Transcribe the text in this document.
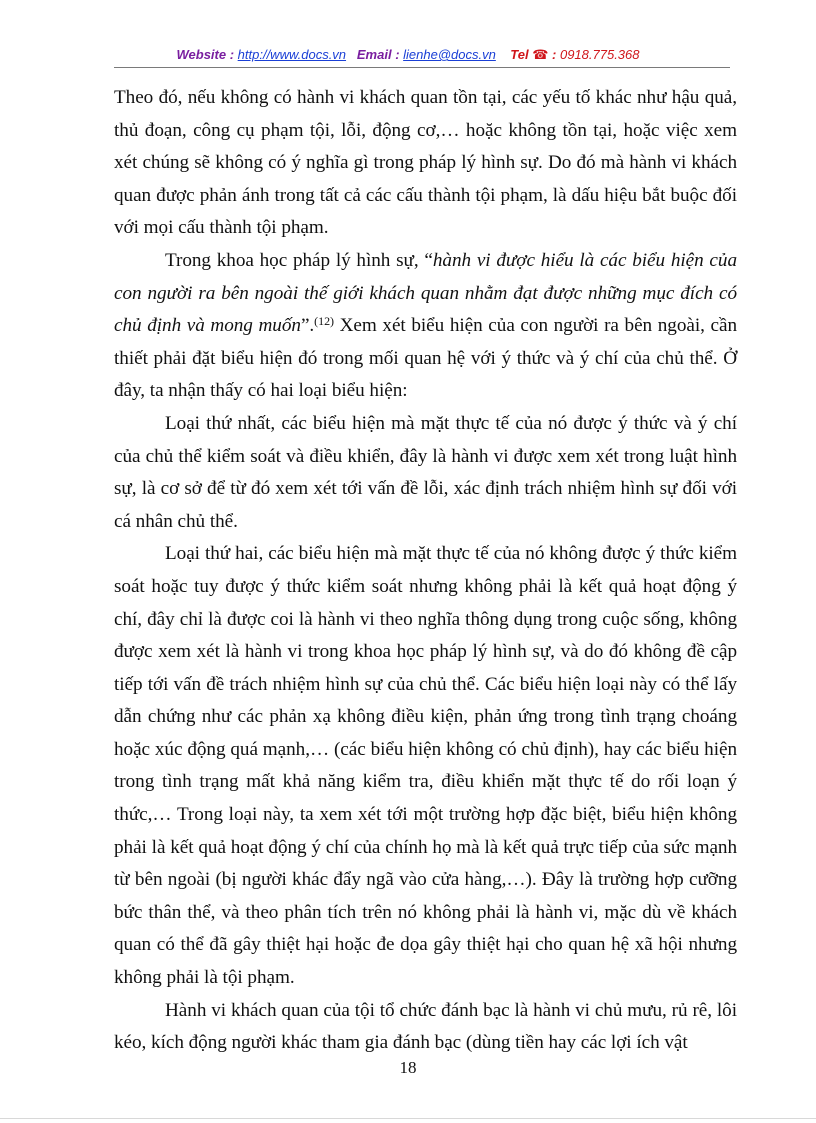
Website : http://www.docs.vn Email : lienhe@docs.vn Tel ☎ : 0918.775.368

Theo đó, nếu không có hành vi khách quan tồn tại, các yếu tố khác như hậu quả, thủ đoạn, công cụ phạm tội, lỗi, động cơ,… hoặc không tồn tại, hoặc việc xem xét chúng sẽ không có ý nghĩa gì trong pháp lý hình sự. Do đó mà hành vi khách quan được phản ánh trong tất cả các cấu thành tội phạm, là dấu hiệu bắt buộc đối với mọi cấu thành tội phạm.

Trong khoa học pháp lý hình sự, “hành vi được hiểu là các biểu hiện của con người ra bên ngoài thế giới khách quan nhằm đạt được những mục đích có chủ định và mong muốn”.$^{(12)}$ Xem xét biểu hiện của con người ra bên ngoài, cần thiết phải đặt biểu hiện đó trong mối quan hệ với ý thức và ý chí của chủ thể. Ở đây, ta nhận thấy có hai loại biểu hiện:

Loại thứ nhất, các biểu hiện mà mặt thực tế của nó được ý thức và ý chí của chủ thể kiểm soát và điều khiển, đây là hành vi được xem xét trong luật hình sự, là cơ sở để từ đó xem xét tới vấn đề lỗi, xác định trách nhiệm hình sự đối với cá nhân chủ thể.

Loại thứ hai, các biểu hiện mà mặt thực tế của nó không được ý thức kiểm soát hoặc tuy được ý thức kiểm soát nhưng không phải là kết quả hoạt động ý chí, đây chỉ là được coi là hành vi theo nghĩa thông dụng trong cuộc sống, không được xem xét là hành vi trong khoa học pháp lý hình sự, và do đó không đề cập tiếp tới vấn đề trách nhiệm hình sự của chủ thể. Các biểu hiện loại này có thể lấy dẫn chứng như các phản xạ không điều kiện, phản ứng trong tình trạng choáng hoặc xúc động quá mạnh,… (các biểu hiện không có chủ định), hay các biểu hiện trong tình trạng mất khả năng kiểm tra, điều khiển mặt thực tế do rối loạn ý thức,… Trong loại này, ta xem xét tới một trường hợp đặc biệt, biểu hiện không phải là kết quả hoạt động ý chí của chính họ mà là kết quả trực tiếp của sức mạnh từ bên ngoài (bị người khác đẩy ngã vào cửa hàng,…). Đây là trường hợp cưỡng bức thân thể, và theo phân tích trên nó không phải là hành vi, mặc dù về khách quan có thể đã gây thiệt hại hoặc đe dọa gây thiệt hại cho quan hệ xã hội nhưng không phải là tội phạm.

Hành vi khách quan của tội tổ chức đánh bạc là hành vi chủ mưu, rủ rê, lôi kéo, kích động người khác tham gia đánh bạc (dùng tiền hay các lợi ích vật

18
